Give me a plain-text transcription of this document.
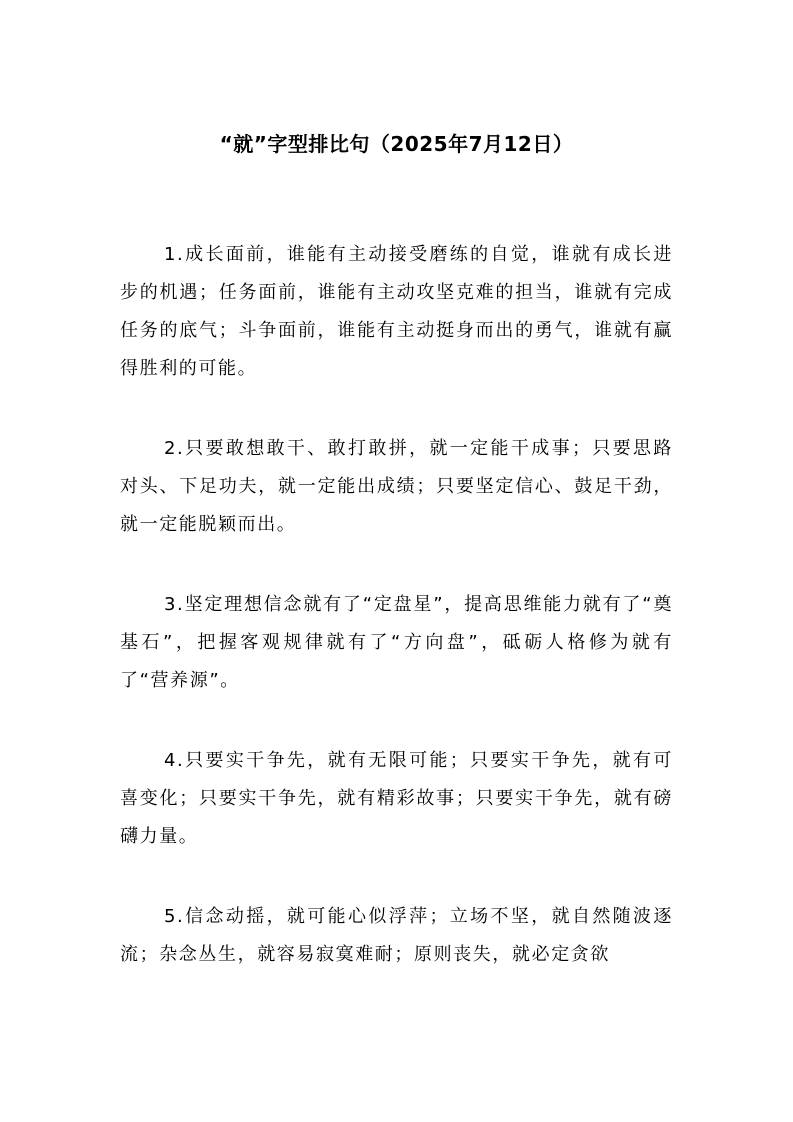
“就”字型排比句（2025年7月12日）

1.成长面前，谁能有主动接受磨练的自觉，谁就有成长进步的机遇；任务面前，谁能有主动攻坚克难的担当，谁就有完成任务的底气；斗争面前，谁能有主动挺身而出的勇气，谁就有赢得胜利的可能。

2.只要敢想敢干、敢打敢拼，就一定能干成事；只要思路对头、下足功夫，就一定能出成绩；只要坚定信心、鼓足干劲，就一定能脱颖而出。

3.坚定理想信念就有了“定盘星”，提高思维能力就有了“奠基石”，把握客观规律就有了“方向盘”，砥砺人格修为就有了“营养源”。

4.只要实干争先，就有无限可能；只要实干争先，就有可喜变化；只要实干争先，就有精彩故事；只要实干争先，就有磅礴力量。

5.信念动摇，就可能心似浮萍；立场不坚，就自然随波逐流；杂念丛生，就容易寂寞难耐；原则丧失，就必定贪欲
